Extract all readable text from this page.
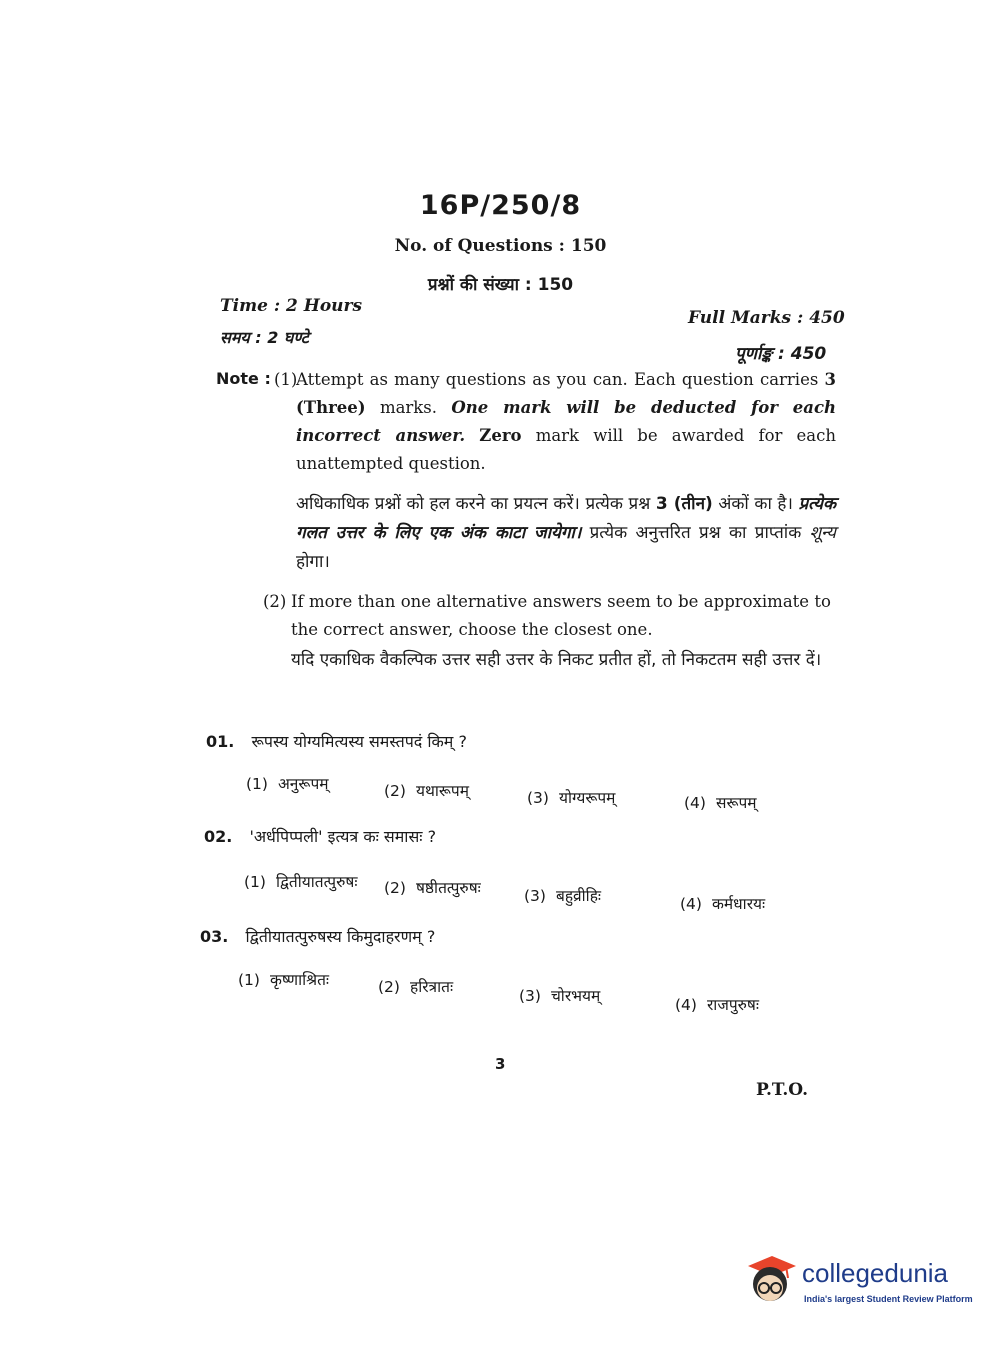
16P/250/8
No. of Questions : 150
प्रश्नों की संख्या : 150
Time : 2 Hours
समय : 2 घण्टे
Full Marks : 450
पूर्णाङ्क : 450
Note : (1)
Attempt as many questions as you can. Each question carries 3 (Three) marks. One mark will be deducted for each incorrect answer. Zero mark will be awarded for each unattempted question.
अधिकाधिक प्रश्नों को हल करने का प्रयत्न करें। प्रत्येक प्रश्न 3 (तीन) अंकों का है। प्रत्येक गलत उत्तर के लिए एक अंक काटा जायेगा। प्रत्येक अनुत्तरित प्रश्न का प्राप्तांक शून्य होगा।
(2) If more than one alternative answers seem to be approximate to the correct answer, choose the closest one.
यदि एकाधिक वैकल्पिक उत्तर सही उत्तर के निकट प्रतीत हों, तो निकटतम सही उत्तर दें।
01. रूपस्य योग्यमित्यस्य समस्तपदं किम् ?
(1) अनुरूपम्	(2) यथारूपम्	(3) योग्यरूपम्	(4) सरूपम्
02. 'अर्धपिप्पली' इत्यत्र कः समासः ?
(1) द्वितीयातत्पुरुषः (2) षष्ठीतत्पुरुषः	(3) बहुव्रीहिः	(4) कर्मधारयः
03. द्वितीयातत्पुरुषस्य किमुदाहरणम् ?
(1) कृष्णाश्रितः	(2) हरित्रातः	(3) चोरभयम्	(4) राजपुरुषः
3
P.T.O.
collegedunia
India's largest Student Review Platform
